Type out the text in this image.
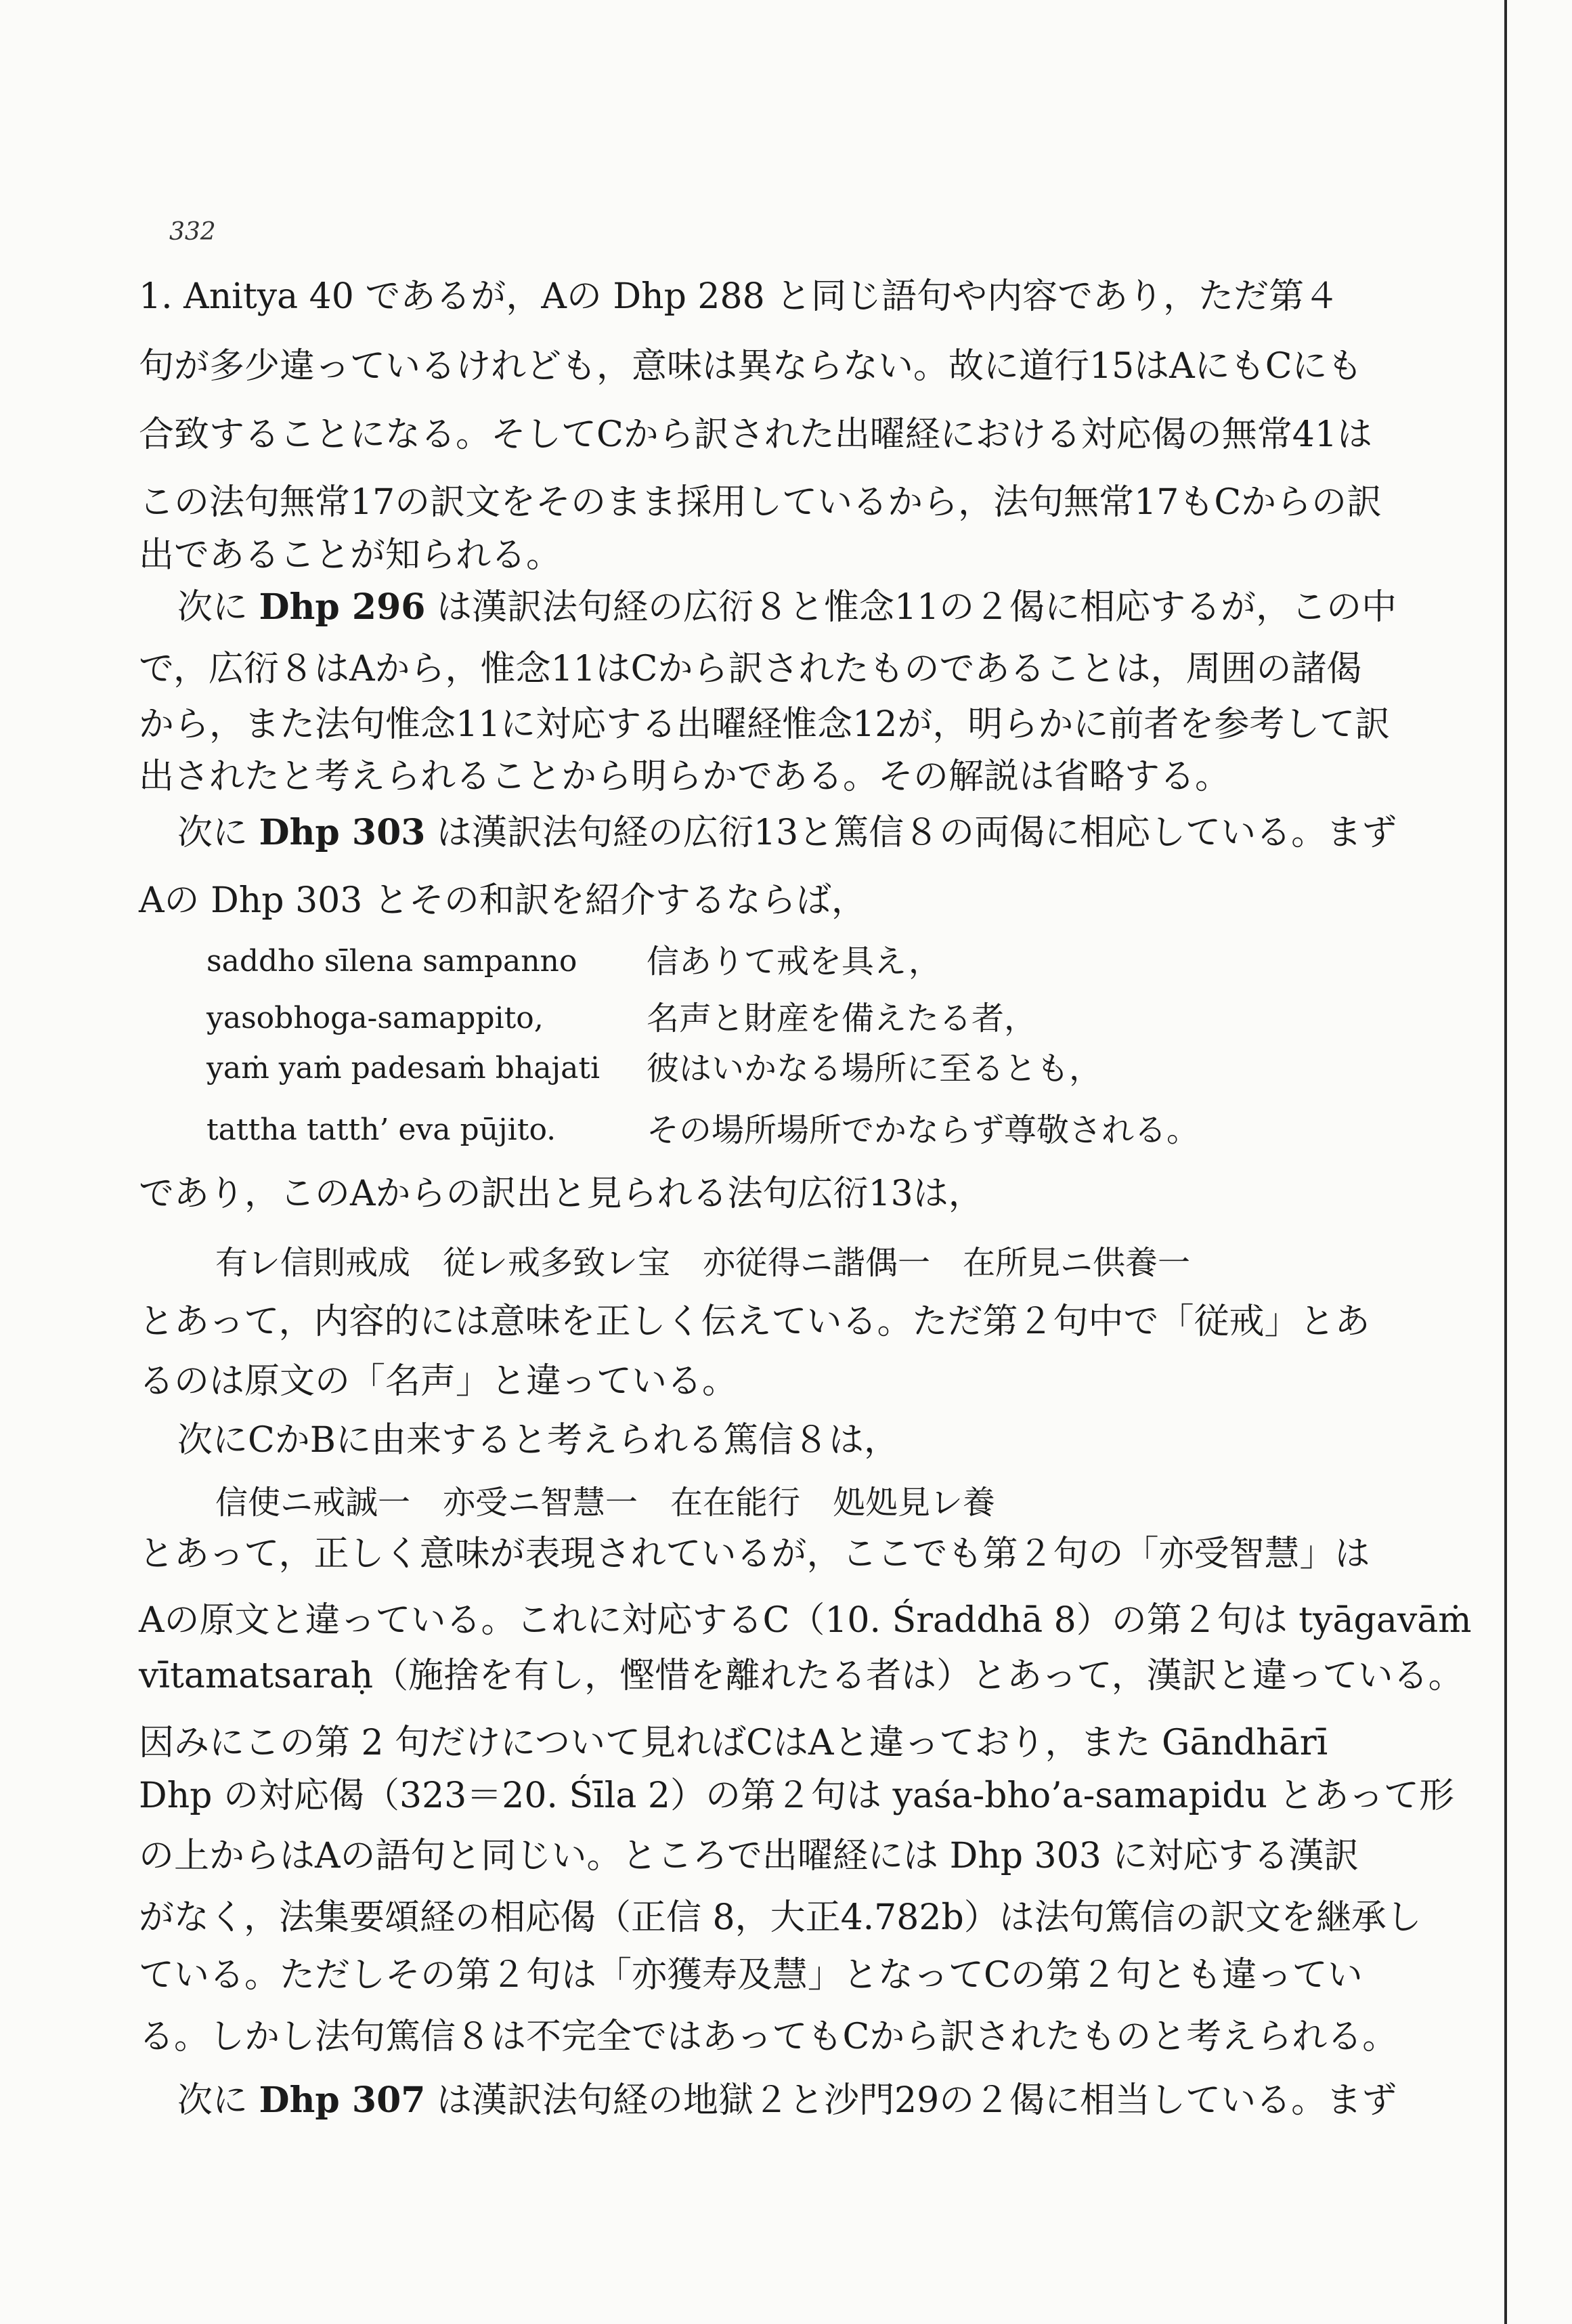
332
1. Anitya 40 であるが，Aの Dhp 288 と同じ語句や内容であり，ただ第４
句が多少違っているけれども，意味は異ならない。故に道行15はAにもCにも
合致することになる。そしてCから訳された出曜経における対応偈の無常41は
この法句無常17の訳文をそのまま採用しているから，法句無常17もCからの訳
出であることが知られる。
次に Dhp 296 は漢訳法句経の広衍８と惟念11の２偈に相応するが，この中
で，広衍８はAから，惟念11はCから訳されたものであることは，周囲の諸偈
から，また法句惟念11に対応する出曜経惟念12が，明らかに前者を参考して訳
出されたと考えられることから明らかである。その解説は省略する。
次に Dhp 303 は漢訳法句経の広衍13と篤信８の両偈に相応している。まず
Aの Dhp 303 とその和訳を紹介するならば，
saddho sīlena sampanno
yasobhoga-samappito,
yaṁ yaṁ padesaṁ bhajati
tattha tatth’ eva pūjito.
信ありて戒を具え，
名声と財産を備えたる者，
彼はいかなる場所に至るとも，
その場所場所でかならず尊敬される。
であり，このAからの訳出と見られる法句広衍13は，
有レ信則戒成　従レ戒多致レ宝　亦従得ニ諧偶一　在所見ニ供養一
とあって，内容的には意味を正しく伝えている。ただ第２句中で「従戒」とあ
るのは原文の「名声」と違っている。
次にCかBに由来すると考えられる篤信８は，
信使ニ戒誠一　亦受ニ智慧一　在在能行　処処見レ養
とあって，正しく意味が表現されているが，ここでも第２句の「亦受智慧」は
Aの原文と違っている。これに対応するC（10. Śraddhā 8）の第２句は tyāgavāṁ
vītamatsaraḥ（施捨を有し，慳惜を離れたる者は）とあって，漢訳と違っている。
因みにこの第 2 句だけについて見ればCはAと違っており，また Gāndhārī
Dhp の対応偈（323＝20. Śīla 2）の第２句は yaśa-bho’a-samapidu とあって形
の上からはAの語句と同じい。ところで出曜経には Dhp 303 に対応する漢訳
がなく，法集要頌経の相応偈（正信 8，大正4.782b）は法句篤信の訳文を継承し
ている。ただしその第２句は「亦獲寿及慧」となってCの第２句とも違ってい
る。しかし法句篤信８は不完全ではあってもCから訳されたものと考えられる。
次に Dhp 307 は漢訳法句経の地獄２と沙門29の２偈に相当している。まず
